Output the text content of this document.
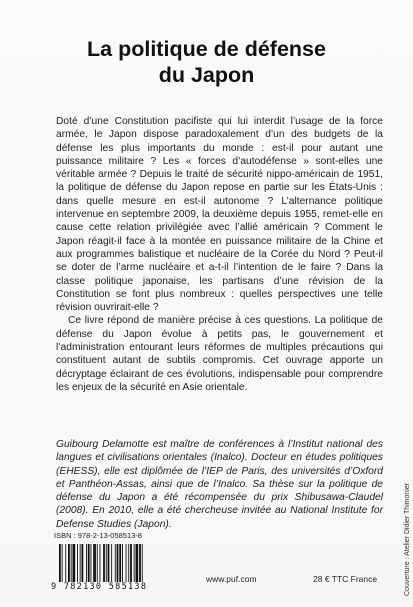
La politique de défense
du Japon

Doté d’une Constitution pacifiste qui lui interdit l’usage de la force armée, le Japon dispose paradoxalement d’un des budgets de la défense les plus importants du monde : est-il pour autant une puissance militaire ? Les « forces d’autodéfense » sont-elles une véritable armée ? Depuis le traité de sécurité nippo-américain de 1951, la politique de défense du Japon repose en partie sur les États-Unis : dans quelle mesure en est-il autonome ? L’alternance politique intervenue en septembre 2009, la deuxième depuis 1955, remet-elle en cause cette relation privilégiée avec l’allié américain ? Comment le Japon réagit-il face à la montée en puissance militaire de la Chine et aux programmes balistique et nucléaire de la Corée du Nord ? Peut-il se doter de l’arme nucléaire et a-t-il l’intention de le faire ? Dans la classe politique japonaise, les partisans d’une révision de la Constitution se font plus nombreux : quelles perspectives une telle révision ouvrirait-elle ?

Ce livre répond de manière précise à ces questions. La politique de défense du Japon évolue à petits pas, le gouvernement et l’administration entourant leurs réformes de multiples précautions qui constituent autant de subtils compromis. Cet ouvrage apporte un décryptage éclairant de ces évolutions, indispensable pour comprendre les enjeux de la sécurité en Asie orientale.

Guibourg Delamotte est maître de conférences à l’Institut national des langues et civilisations orientales (Inalco). Docteur en études politiques (EHESS), elle est diplômée de l’IEP de Paris, des universités d’Oxford et Panthéon-Assas, ainsi que de l’Inalco. Sa thèse sur la politique de défense du Japon a été récompensée du prix Shibusawa-Claudel (2008). En 2010, elle a été chercheuse invitée au National Institute for Defense Studies (Japon).	Couverture : Atelier Didier Thimonier
ISBN : 978-2-13-058513-8
9 782130 585138
www.puf.com	28 € TTC France
